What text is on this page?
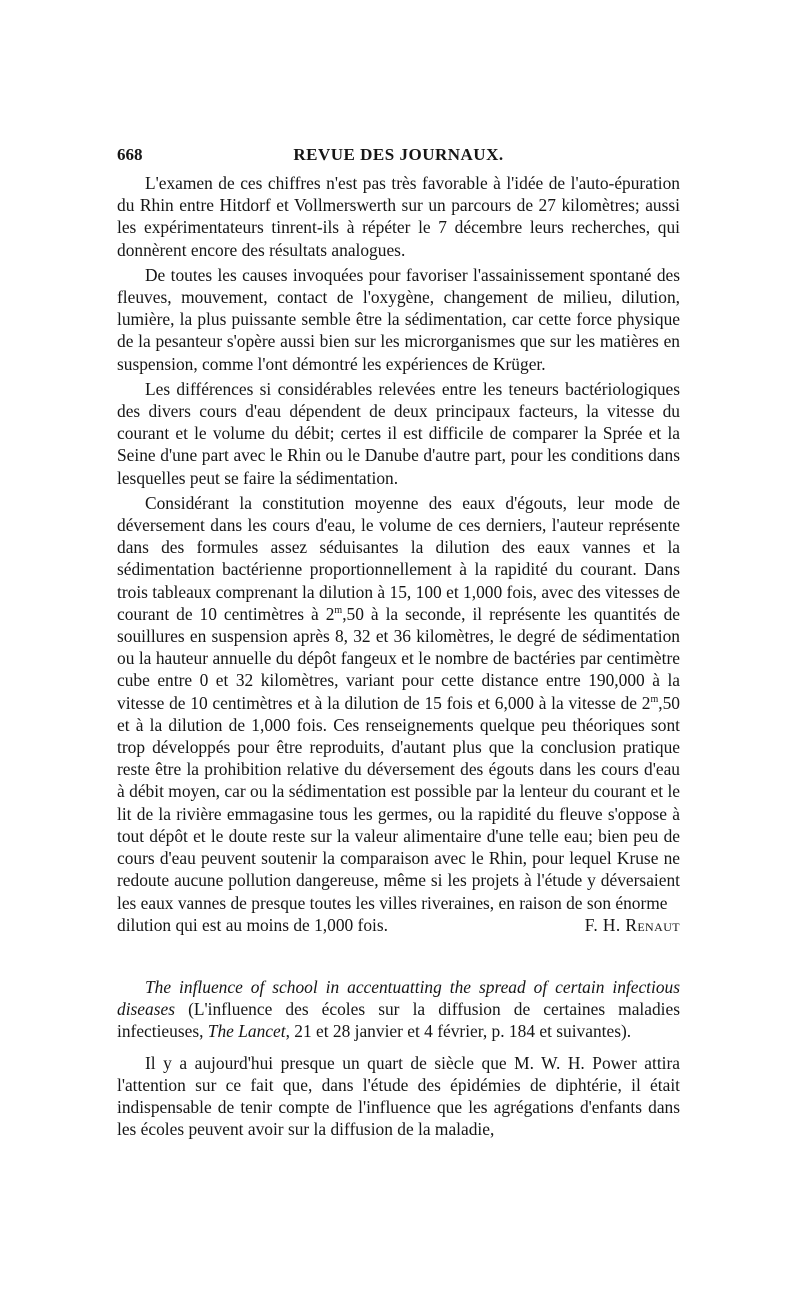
668	REVUE DES JOURNAUX.

L'examen de ces chiffres n'est pas très favorable à l'idée de l'auto-épuration du Rhin entre Hitdorf et Vollmerswerth sur un parcours de 27 kilomètres; aussi les expérimentateurs tinrent-ils à répéter le 7 décembre leurs recherches, qui donnèrent encore des résultats analogues.

De toutes les causes invoquées pour favoriser l'assainissement spontané des fleuves, mouvement, contact de l'oxygène, changement de milieu, dilution, lumière, la plus puissante semble être la sédimentation, car cette force physique de la pesanteur s'opère aussi bien sur les microrganismes que sur les matières en suspension, comme l'ont démontré les expériences de Krüger.

Les différences si considérables relevées entre les teneurs bactériologiques des divers cours d'eau dépendent de deux principaux facteurs, la vitesse du courant et le volume du débit; certes il est difficile de comparer la Sprée et la Seine d'une part avec le Rhin ou le Danube d'autre part, pour les conditions dans lesquelles peut se faire la sédimentation.

Considérant la constitution moyenne des eaux d'égouts, leur mode de déversement dans les cours d'eau, le volume de ces derniers, l'auteur représente dans des formules assez séduisantes la dilution des eaux vannes et la sédimentation bactérienne proportionnellement à la rapidité du courant. Dans trois tableaux comprenant la dilution à 15, 100 et 1,000 fois, avec des vitesses de courant de 10 centimètres à 2$^m$,50 à la seconde, il représente les quantités de souillures en suspension après 8, 32 et 36 kilomètres, le degré de sédimentation ou la hauteur annuelle du dépôt fangeux et le nombre de bactéries par centimètre cube entre 0 et 32 kilomètres, variant pour cette distance entre 190,000 à la vitesse de 10 centimètres et à la dilution de 15 fois et 6,000 à la vitesse de 2$^m$,50 et à la dilution de 1,000 fois. Ces renseignements quelque peu théoriques sont trop développés pour être reproduits, d'autant plus que la conclusion pratique reste être la prohibition relative du déversement des égouts dans les cours d'eau à débit moyen, car ou la sédimentation est possible par la lenteur du courant et le lit de la rivière emmagasine tous les germes, ou la rapidité du fleuve s'oppose à tout dépôt et le doute reste sur la valeur alimentaire d'une telle eau; bien peu de cours d'eau peuvent soutenir la comparaison avec le Rhin, pour lequel Kruse ne redoute aucune pollution dangereuse, même si les projets à l'étude y déversaient les eaux vannes de presque toutes les villes riveraines, en raison de son énorme

dilution qui est au moins de 1,000 fois.	F. H. Renaut

The influence of school in accentuatting the spread of certain infectious diseases (L'influence des écoles sur la diffusion de certaines maladies infectieuses, The Lancet, 21 et 28 janvier et 4 février, p. 184 et suivantes).

Il y a aujourd'hui presque un quart de siècle que M. W. H. Power attira l'attention sur ce fait que, dans l'étude des épidémies de diphtérie, il était indispensable de tenir compte de l'influence que les agrégations d'enfants dans les écoles peuvent avoir sur la diffusion de la maladie,
